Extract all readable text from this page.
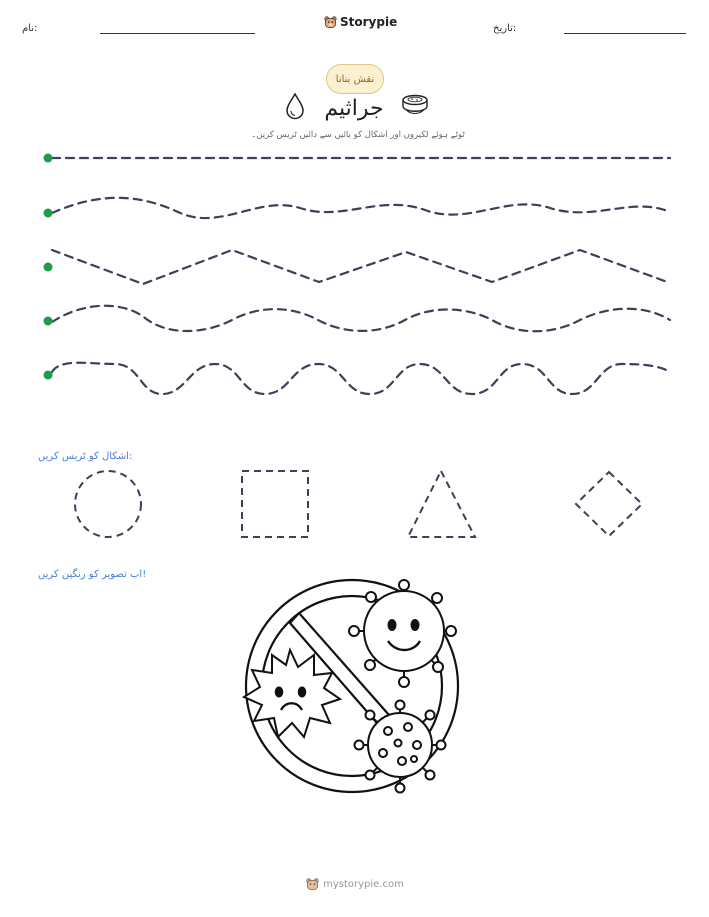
نام:	Storypie	تاریخ:
نقش بنانا
جراثیم
ٹوٹے ہوئے لکیروں اور اشکال کو بائیں سے دائیں ٹریس کریں۔
اشکال کو ٹریس کریں:
اب تصویر کو رنگین کریں!
mystorypie.com
